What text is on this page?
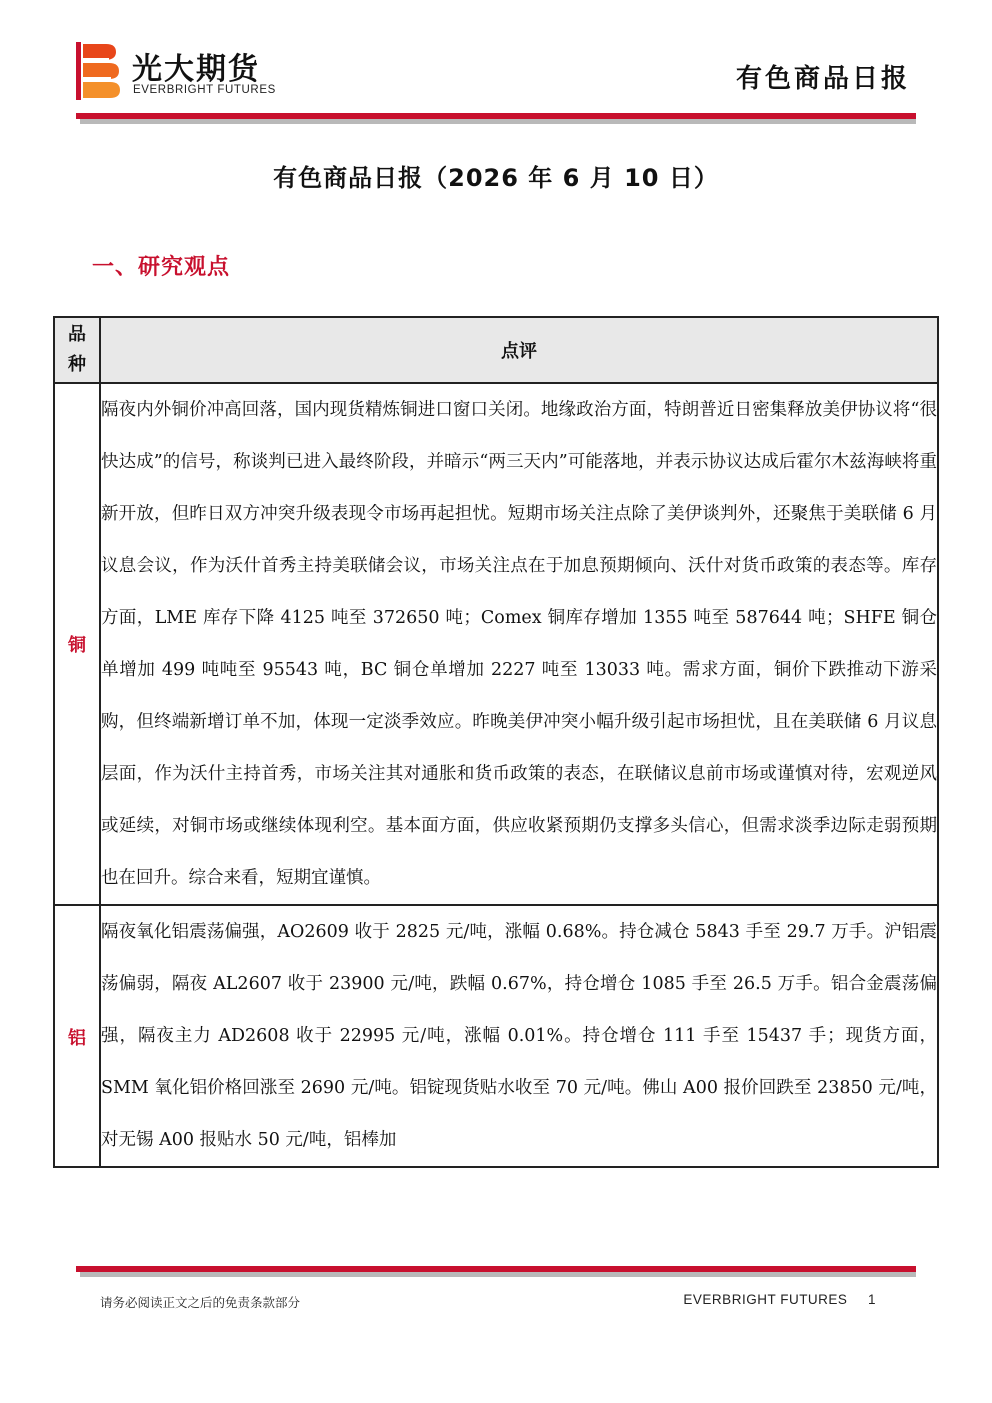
光大期货
EVERBRIGHT FUTURES	有色商品日报
有色商品日报（2026 年 6 月 10 日）
一、研究观点
品种	点评
铜	隔夜内外铜价冲高回落，国内现货精炼铜进口窗口关闭。地缘政治方面，特朗普近日密集释放美伊协议将“很快达成”的信号，称谈判已进入最终阶段，并暗示“两三天内”可能落地，并表示协议达成后霍尔木兹海峡将重新开放，但昨日双方冲突升级表现令市场再起担忧。短期市场关注点除了美伊谈判外，还聚焦于美联储 6 月议息会议，作为沃什首秀主持美联储会议，市场关注点在于加息预期倾向、沃什对货币政策的表态等。库存方面，LME 库存下降 4125 吨至 372650 吨；Comex 铜库存增加 1355 吨至 587644 吨；SHFE 铜仓单增加 499 吨吨至 95543 吨，BC 铜仓单增加 2227 吨至 13033 吨。需求方面，铜价下跌推动下游采购，但终端新增订单不加，体现一定淡季效应。昨晚美伊冲突小幅升级引起市场担忧，且在美联储 6 月议息层面，作为沃什主持首秀，市场关注其对通胀和货币政策的表态，在联储议息前市场或谨慎对待，宏观逆风或延续，对铜市场或继续体现利空。基本面方面，供应收紧预期仍支撑多头信心，但需求淡季边际走弱预期也在回升。综合来看，短期宜谨慎。
铝	隔夜氧化铝震荡偏强，AO2609 收于 2825 元/吨，涨幅 0.68%。持仓减仓 5843 手至 29.7 万手。沪铝震荡偏弱，隔夜 AL2607 收于 23900 元/吨，跌幅 0.67%，持仓增仓 1085 手至 26.5 万手。铝合金震荡偏强，隔夜主力 AD2608 收于 22995 元/吨，涨幅 0.01%。持仓增仓 111 手至 15437 手；现货方面，SMM 氧化铝价格回涨至 2690 元/吨。铝锭现货贴水收至 70 元/吨。佛山 A00 报价回跌至 23850 元/吨，对无锡 A00 报贴水 50 元/吨，铝棒加
请务必阅读正文之后的免责条款部分	EVERBRIGHT FUTURES 1
